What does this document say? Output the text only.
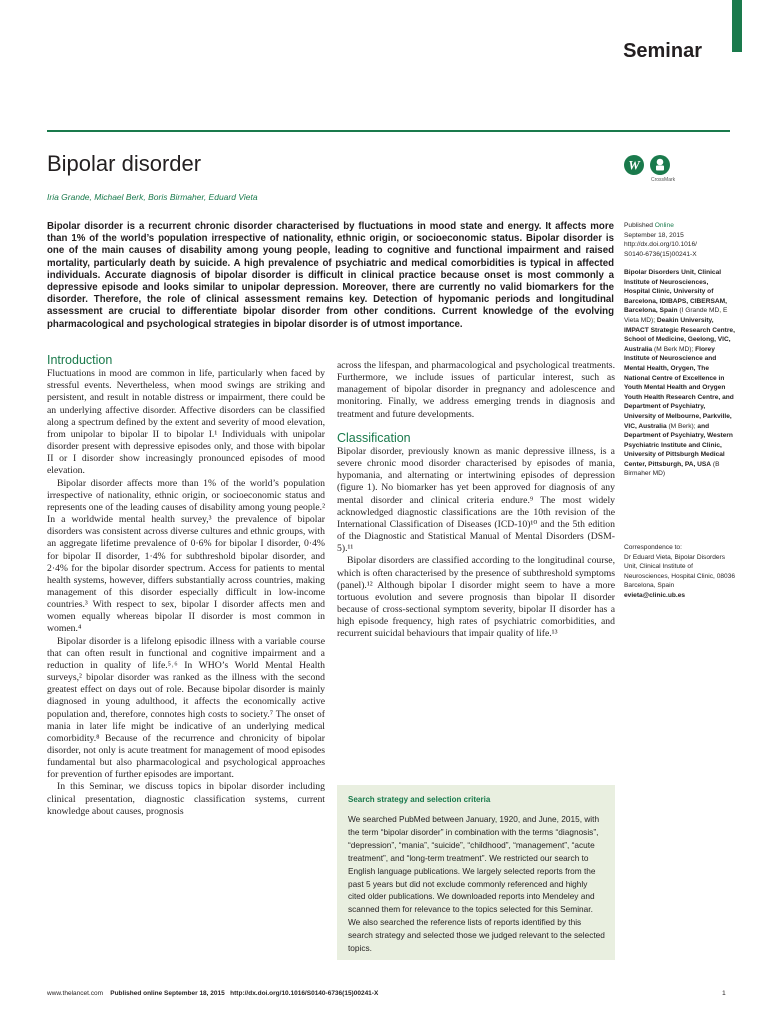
Seminar
Bipolar disorder
Iria Grande, Michael Berk, Boris Birmaher, Eduard Vieta
W
CrossMark
Bipolar disorder is a recurrent chronic disorder characterised by fluctuations in mood state and energy. It affects more than 1% of the world’s population irrespective of nationality, ethnic origin, or socioeconomic status. Bipolar disorder is one of the main causes of disability among young people, leading to cognitive and functional impairment and raised mortality, particularly death by suicide. A high prevalence of psychiatric and medical comorbidities is typical in affected individuals. Accurate diagnosis of bipolar disorder is difficult in clinical practice because onset is most commonly a depressive episode and looks similar to unipolar depression. Moreover, there are currently no valid biomarkers for the disorder. Therefore, the role of clinical assessment remains key. Detection of hypomanic periods and longitudinal assessment are crucial to differentiate bipolar disorder from other conditions. Current knowledge of the evolving pharmacological and psychological strategies in bipolar disorder is of utmost importance.
Published Online
September 18, 2015
http://dx.doi.org/10.1016/
S0140-6736(15)00241-X
Bipolar Disorders Unit, Clinical Institute of Neurosciences, Hospital Clinic, University of Barcelona, IDIBAPS, CIBERSAM, Barcelona, Spain (I Grande MD, E Vieta MD); Deakin University, IMPACT Strategic Research Centre, School of Medicine, Geelong, VIC, Australia (M Berk MD); Florey Institute of Neuroscience and Mental Health, Orygen, The National Centre of Excellence in Youth Mental Health and Orygen Youth Health Research Centre, and Department of Psychiatry, University of Melbourne, Parkville, VIC, Australia (M Berk); and Department of Psychiatry, Western Psychiatric Institute and Clinic, University of Pittsburgh Medical Center, Pittsburgh, PA, USA (B Birmaher MD)
Correspondence to:
Dr Eduard Vieta, Bipolar Disorders Unit, Clinical Institute of Neurosciences, Hospital Clinic, 08036 Barcelona, Spain
evieta@clinic.ub.es
Introduction

Fluctuations in mood are common in life, particularly when faced by stressful events. Nevertheless, when mood swings are striking and persistent, and result in notable distress or impairment, there could be an underlying affective disorder. Affective disorders can be classified along a spectrum defined by the extent and severity of mood elevation, from unipolar to bipolar II to bipolar I.¹ Individuals with unipolar disorder present with depressive episodes only, and those with bipolar II or I disorder show increasingly pronounced episodes of mood elevation.

Bipolar disorder affects more than 1% of the world’s population irrespective of nationality, ethnic origin, or socioeconomic status and represents one of the leading causes of disability among young people.² In a worldwide mental health survey,³ the prevalence of bipolar disorders was consistent across diverse cultures and ethnic groups, with an aggregate lifetime prevalence of 0·6% for bipolar I disorder, 0·4% for bipolar II disorder, 1·4% for subthreshold bipolar disorder, and 2·4% for the bipolar disorder spectrum. Access for patients to mental health systems, however, differs substantially across countries, making management of this disorder especially difficult in low-income countries.³ With respect to sex, bipolar I disorder affects men and women equally whereas bipolar II disorder is most common in women.⁴

Bipolar disorder is a lifelong episodic illness with a variable course that can often result in functional and cognitive impairment and a reduction in quality of life.⁵˒⁶ In WHO’s World Mental Health surveys,² bipolar disorder was ranked as the illness with the second greatest effect on days out of role. Because bipolar disorder is mainly diagnosed in young adulthood, it affects the economically active population and, therefore, connotes high costs to society.⁷ The onset of mania in later life might be indicative of an underlying medical comorbidity.⁸ Because of the recurrence and chronicity of bipolar disorder, not only is acute treatment for management of mood episodes fundamental but also pharmacological and psychological approaches for prevention of further episodes are important.

In this Seminar, we discuss topics in bipolar disorder including clinical presentation, diagnostic classification systems, current knowledge about causes, prognosis

across the lifespan, and pharmacological and psychological treatments. Furthermore, we include issues of particular interest, such as management of bipolar disorder in pregnancy and adolescence and monitoring. Finally, we address emerging trends in diagnosis and treatment and future developments.

Classification

Bipolar disorder, previously known as manic depressive illness, is a severe chronic mood disorder characterised by episodes of mania, hypomania, and alternating or intertwining episodes of depression (figure 1). No biomarker has yet been approved for diagnosis of any mental disorder and clinical criteria endure.⁹ The most widely acknowledged diagnostic classifications are the 10th revision of the International Classification of Diseases (ICD-10)¹⁰ and the 5th edition of the Diagnostic and Statistical Manual of Mental Disorders (DSM-5).¹¹

Bipolar disorders are classified according to the longitudinal course, which is often characterised by the presence of subthreshold symptoms (panel).¹² Although bipolar I disorder might seem to have a more tortuous evolution and severe prognosis than bipolar II disorder because of cross-sectional symptom severity, bipolar II disorder has a high episode frequency, high rates of psychiatric comorbidities, and recurrent suicidal behaviours that impair quality of life.¹³

Search strategy and selection criteria
We searched PubMed between January, 1920, and June, 2015, with the term “bipolar disorder” in combination with the terms “diagnosis”, “depression”, “mania”, “suicide”, “childhood”, “management”, “acute treatment”, and “long-term treatment”. We restricted our search to English language publications. We largely selected reports from the past 5 years but did not exclude commonly referenced and highly cited older publications. We downloaded reports into Mendeley and scanned them for relevance to the topics selected for this Seminar. We also searched the reference lists of reports identified by this search strategy and selected those we judged relevant to the selected topics.
www.thelancet.com Published online September 18, 2015 http://dx.doi.org/10.1016/S0140-6736(15)00241-X	1
